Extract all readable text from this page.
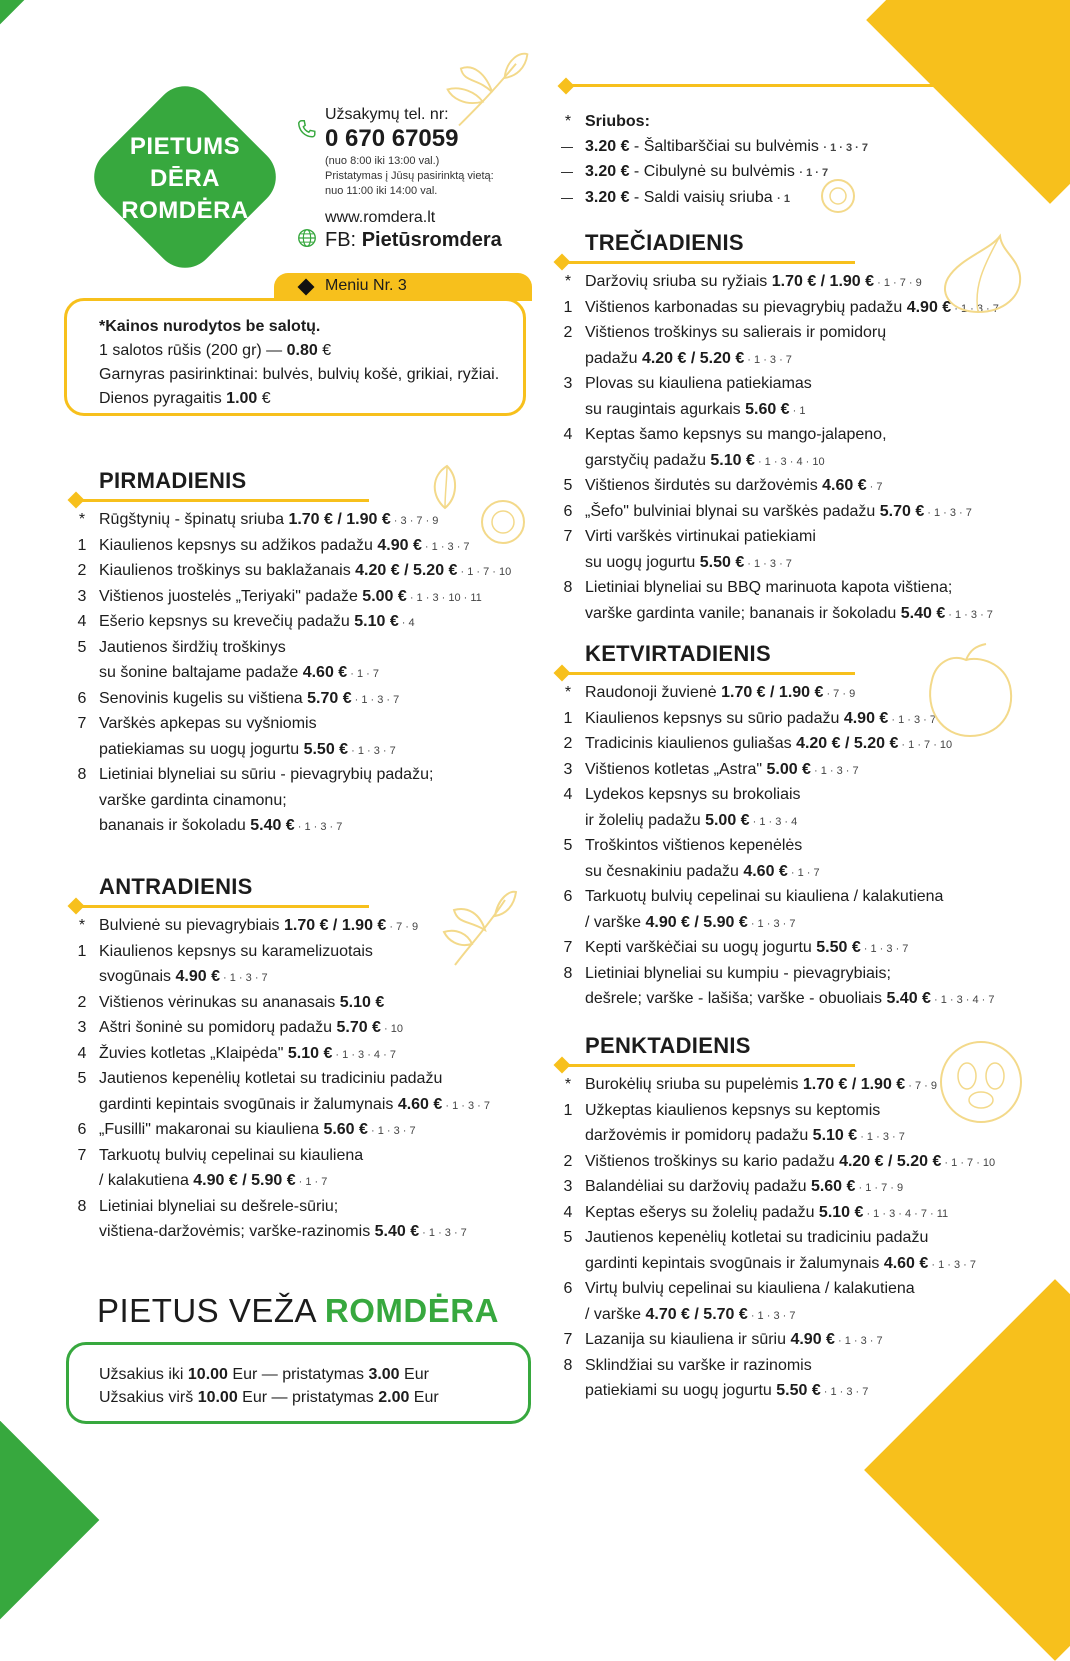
PIETUMS
DĒRA
ROMDĖRA
Užsakymų tel. nr:
0 670 67059
(nuo 8:00 iki 13:00 val.)
Pristatymas į Jūsų pasirinktą vietą:
nuo 11:00 iki 14:00 val.
www.romdera.lt
FB: Pietūsromdera
Meniu Nr. 3
*Kainos nurodytos be salotų.
1 salotos rūšis (200 gr) — 0.80 €
Garnyras pasirinktinai: bulvės, bulvių košė, grikiai, ryžiai.
Dienos pyragaitis 1.00 €
* Sriubos:
3.20 € - Šaltibarščiai su bulvėmis · 1 · 3 · 7
3.20 € - Cibulynė su bulvėmis · 1 · 7
3.20 € - Saldi vaisių sriuba · 1
PIRMADIENIS
* Rūgštynių - špinatų sriuba 1.70 € / 1.90 € · 3 · 7 · 9
1 Kiaulienos kepsnys su adžikos padažu 4.90 € · 1 · 3 · 7
2 Kiaulienos troškinys su baklažanais 4.20 € / 5.20 € · 1 · 7 · 10
3 Vištienos juostelės „Teriyaki" padaže 5.00 € · 1 · 3 · 10 · 11
4 Ešerio kepsnys su krevečių padažu 5.10 € · 4
5 Jautienos širdžių troškinys
su šonine baltajame padaže 4.60 € · 1 · 7
6 Senovinis kugelis su vištiena 5.70 € · 1 · 3 · 7
7 Varškės apkepas su vyšniomis
patiekiamas su uogų jogurtu 5.50 € · 1 · 3 · 7
8 Lietiniai blyneliai su sūriu - pievagrybių padažu;
varške gardinta cinamonu;
bananais ir šokoladu 5.40 € · 1 · 3 · 7
ANTRADIENIS
* Bulvienė su pievagrybiais 1.70 € / 1.90 € · 7 · 9
1 Kiaulienos kepsnys su karamelizuotais
svogūnais 4.90 € · 1 · 3 · 7
2 Vištienos vėrinukas su ananasais 5.10 €
3 Aštri šoninė su pomidorų padažu 5.70 € · 10
4 Žuvies kotletas „Klaipėda" 5.10 € · 1 · 3 · 4 · 7
5 Jautienos kepenėlių kotletai su tradiciniu padažu
gardinti kepintais svogūnais ir žalumynais 4.60 € · 1 · 3 · 7
6 „Fusilli" makaronai su kiauliena 5.60 € · 1 · 3 · 7
7 Tarkuotų bulvių cepelinai su kiauliena
/ kalakutiena 4.90 € / 5.90 € · 1 · 7
8 Lietiniai blyneliai su dešrele-sūriu;
vištiena-daržovėmis; varške-razinomis 5.40 € · 1 · 3 · 7
TREČIADIENIS
* Daržovių sriuba su ryžiais 1.70 € / 1.90 € · 1 · 7 · 9
1 Vištienos karbonadas su pievagrybių padažu 4.90 € · 1 · 3 · 7
2 Vištienos troškinys su salierais ir pomidorų
padažu 4.20 € / 5.20 € · 1 · 3 · 7
3 Plovas su kiauliena patiekiamas
su raugintais agurkais 5.60 € · 1
4 Keptas šamo kepsnys su mango-jalapeno,
garstyčių padažu 5.10 € · 1 · 3 · 4 · 10
5 Vištienos širdutės su daržovėmis 4.60 € · 7
6 „Šefo" bulviniai blynai su varškės padažu 5.70 € · 1 · 3 · 7
7 Virti varškės virtinukai patiekiami
su uogų jogurtu 5.50 € · 1 · 3 · 7
8 Lietiniai blyneliai su BBQ marinuota kapota vištiena;
varške gardinta vanile; bananais ir šokoladu 5.40 € · 1 · 3 · 7
KETVIRTADIENIS
* Raudonoji žuvienė 1.70 € / 1.90 € · 7 · 9
1 Kiaulienos kepsnys su sūrio padažu 4.90 € · 1 · 3 · 7
2 Tradicinis kiaulienos guliašas 4.20 € / 5.20 € · 1 · 7 · 10
3 Vištienos kotletas „Astra" 5.00 € · 1 · 3 · 7
4 Lydekos kepsnys su brokoliais
ir žolelių padažu 5.00 € · 1 · 3 · 4
5 Troškintos vištienos kepenėlės
su česnakiniu padažu 4.60 € · 1 · 7
6 Tarkuotų bulvių cepelinai su kiauliena / kalakutiena
/ varške 4.90 € / 5.90 € · 1 · 3 · 7
7 Kepti varškėčiai su uogų jogurtu 5.50 € · 1 · 3 · 7
8 Lietiniai blyneliai su kumpiu - pievagrybiais;
dešrele; varške - lašiša; varške - obuoliais 5.40 € · 1 · 3 · 4 · 7
PENKTADIENIS
* Burokėlių sriuba su pupelėmis 1.70 € / 1.90 € · 7 · 9
1 Užkeptas kiaulienos kepsnys su keptomis
daržovėmis ir pomidorų padažu 5.10 € · 1 · 3 · 7
2 Vištienos troškinys su kario padažu 4.20 € / 5.20 € · 1 · 7 · 10
3 Balandėliai su daržovių padažu 5.60 € · 1 · 7 · 9
4 Keptas ešerys su žolelių padažu 5.10 € · 1 · 3 · 4 · 7 · 11
5 Jautienos kepenėlių kotletai su tradiciniu padažu
gardinti kepintais svogūnais ir žalumynais 4.60 € · 1 · 3 · 7
6 Virtų bulvių cepelinai su kiauliena / kalakutiena
/ varške 4.70 € / 5.70 € · 1 · 3 · 7
7 Lazanija su kiauliena ir sūriu 4.90 € · 1 · 3 · 7
8 Sklindžiai su varške ir razinomis
patiekiami su uogų jogurtu 5.50 € · 1 · 3 · 7
PIETUS VEŽA ROMDĖRA
Užsakius iki 10.00 Eur — pristatymas 3.00 Eur
Užsakius virš 10.00 Eur — pristatymas 2.00 Eur
